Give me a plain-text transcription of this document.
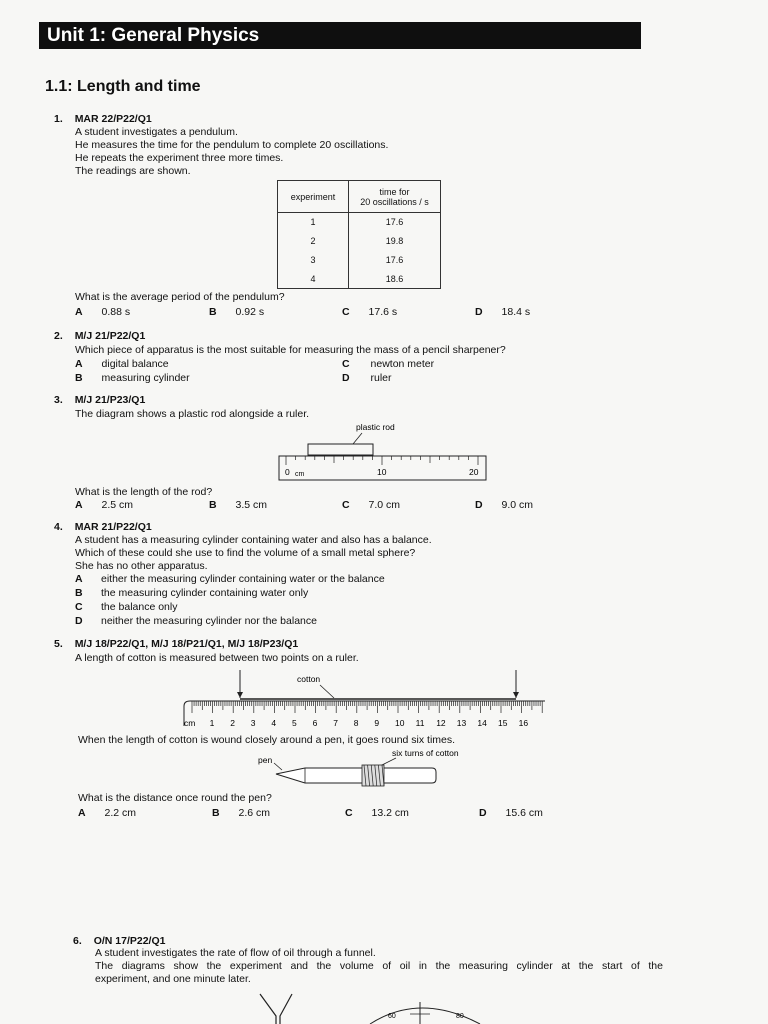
Unit 1: General Physics
1.1: Length and time
1. MAR 22/P22/Q1
A student investigates a pendulum.
He measures the time for the pendulum to complete 20 oscillations.
He repeats the experiment three more times.
The readings are shown.
experiment	time for
20 oscillations / s

1	17.6
2	19.8
3	17.6
4	18.6
What is the average period of the pendulum?
A 0.88 s	B 0.92 s	C 17.6 s	D 18.4 s
2. M/J 21/P22/Q1
Which piece of apparatus is the most suitable for measuring the mass of a pencil sharpener?
A digital balance	C newton meter
B measuring cylinder	D ruler
3. M/J 21/P23/Q1
The diagram shows a plastic rod alongside a ruler.
plastic rod
0 cm	10	20
What is the length of the rod?
A 2.5 cm	B 3.5 cm	C 7.0 cm	D 9.0 cm
4. MAR 21/P22/Q1
A student has a measuring cylinder containing water and also has a balance.
Which of these could she use to find the volume of a small metal sphere?
She has no other apparatus.
A either the measuring cylinder containing water or the balance
B the measuring cylinder containing water only
C the balance only
D neither the measuring cylinder nor the balance
5. M/J 18/P22/Q1, M/J 18/P21/Q1, M/J 18/P23/Q1
A length of cotton is measured between two points on a ruler.
cotton
cm 1 2 3 4 5 6 7 8 9 10 11 12 13 14 15 16
When the length of cotton is wound closely around a pen, it goes round six times.
pen
six turns of cotton
What is the distance once round the pen?
A 2.2 cm	B 2.6 cm	C 13.2 cm	D 15.6 cm
6. O/N 17/P22/Q1
A student investigates the rate of flow of oil through a funnel.
The diagrams show the experiment and the volume of oil in the measuring cylinder at the start of the
experiment, and one minute later.
60	80
